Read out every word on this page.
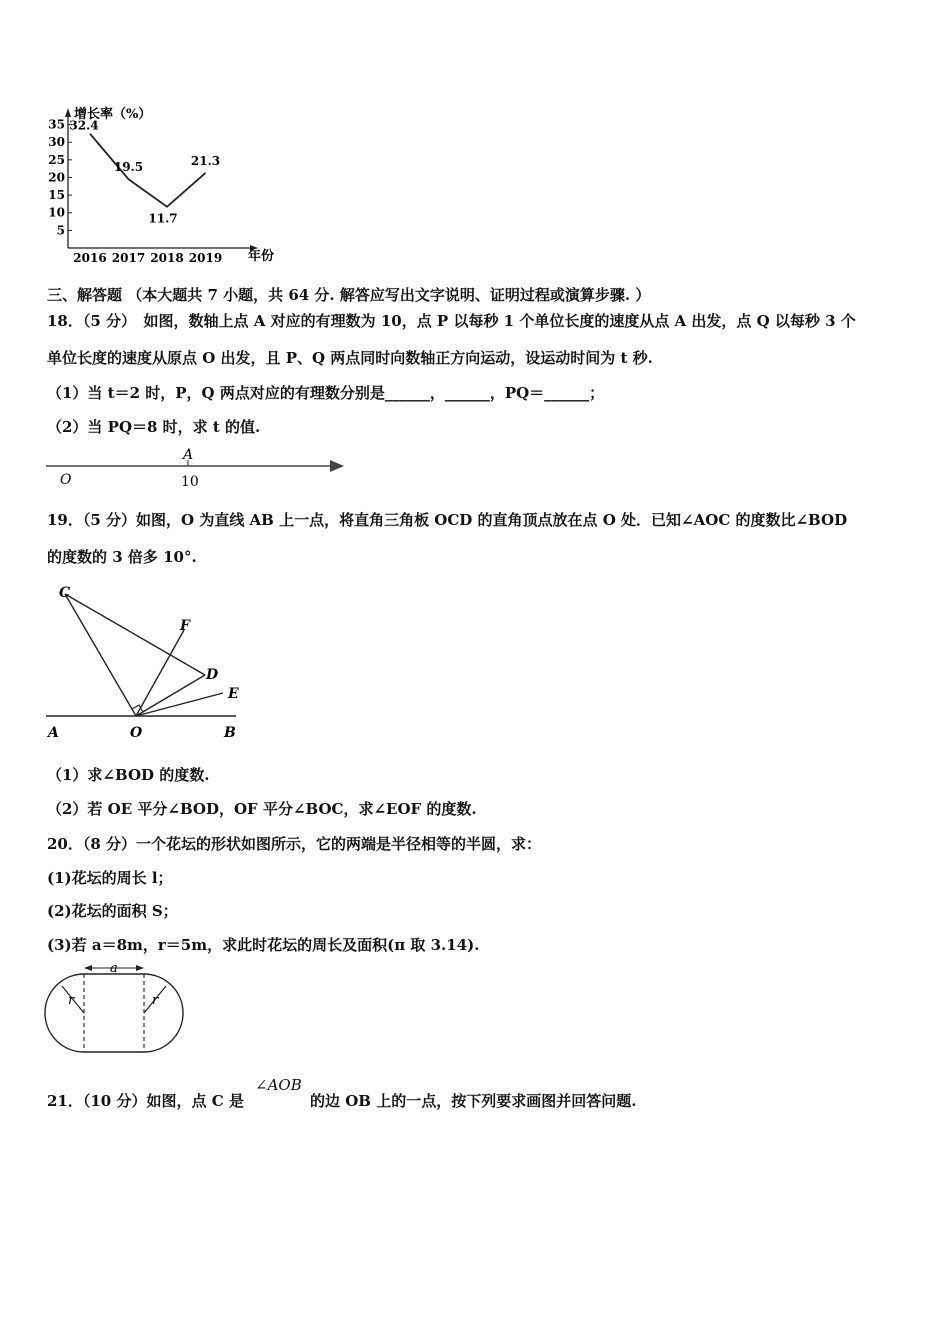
5
10
15
20
25
30
35
2016 2017 2018 2019
32.4
19.5
11.7
21.3
增长率（%）
年份
三、解答题 （本大题共 7 小题，共 64 分. 解答应写出文字说明、证明过程或演算步骤. ）
18．（5 分）　如图，数轴上点 A 对应的有理数为 10，点 P 以每秒 1 个单位长度的速度从点 A 出发，点 Q 以每秒 3 个
单位长度的速度从原点 O 出发，且 P、Q 两点同时向数轴正方向运动，设运动时间为 t 秒.
（1）当 t＝2 时，P，Q 两点对应的有理数分别是______，______，PQ＝______；
（2）当 PQ＝8 时，求 t 的值.
A
O	10
19．（5 分）如图，O 为直线 AB 上一点，将直角三角板 OCD 的直角顶点放在点 O 处．已知∠AOC 的度数比∠BOD
的度数的 3 倍多 10°.
C
F
D
E
A	O	B
（1）求∠BOD 的度数.
（2）若 OE 平分∠BOD，OF 平分∠BOC，求∠EOF 的度数.
20．（8 分）一个花坛的形状如图所示，它的两端是半径相等的半圆，求：
(1)花坛的周长 l；
(2)花坛的面积 S；
(3)若 a＝8m，r＝5m，求此时花坛的周长及面积(π 取 3.14).
a
r	r
21．（10 分）如图，点 C 是
∠AOB
的边 OB 上的一点，按下列要求画图并回答问题.
